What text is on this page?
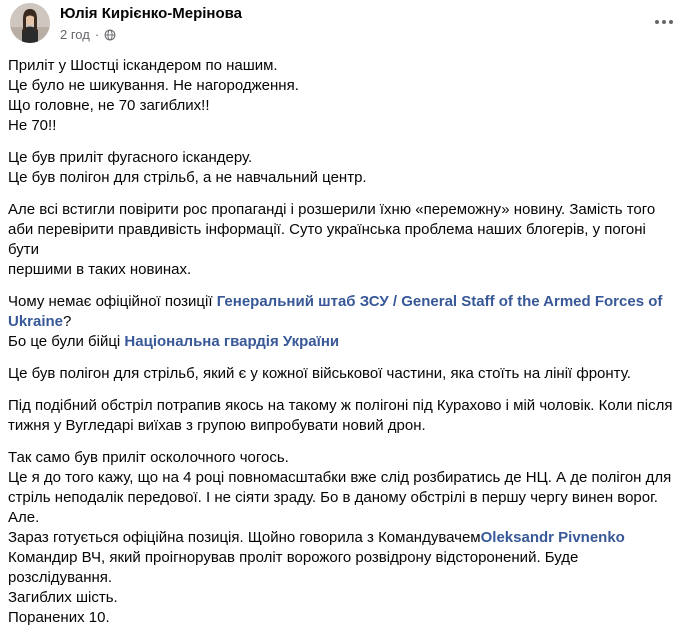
Юлія Кирієнко-Мерінова
2 год ·

Приліт у Шостці іскандером по нашим.
Це було не шикування. Не нагородження.
Що головне, не 70 загиблих!!
Не 70!!

Це був приліт фугасного іскандеру.
Це був полігон для стрільб, а не навчальний центр.

Але всі встигли повірити рос пропаганді і розшерили їхню «переможну» новину. Замість того
аби перевірити правдивість інформації. Суто українська проблема наших блогерів, у погоні бути
першими в таких новинах.

Чому немає офіційної позиції Генеральний штаб ЗСУ / General Staff of the Armed Forces of
Ukraine?
Бо це були бійці Національна гвардія України

Це був полігон для стрільб, який є у кожної військової частини, яка стоїть на лінії фронту.

Під подібний обстріл потрапив якось на такому ж полігоні під Курахово і мій чоловік. Коли після
тижня у Вугледарі виїхав з групою випробувати новий дрон.

Так само був приліт осколочного чогось.
Це я до того кажу, що на 4 році повномасштабки вже слід розбиратись де НЦ. А де полігон для
стріль неподалік передової. І не сіяти зраду. Бо в даному обстрілі в першу чергу винен ворог.
Але.
Зараз готується офіційна позиція. Щойно говорила з КомандувачемOleksandr Pivnenko
Командир ВЧ, який проігнорував проліт ворожого розвідрону відсторонений. Буде
розслідування.
Загиблих шість.
Поранених 10.
